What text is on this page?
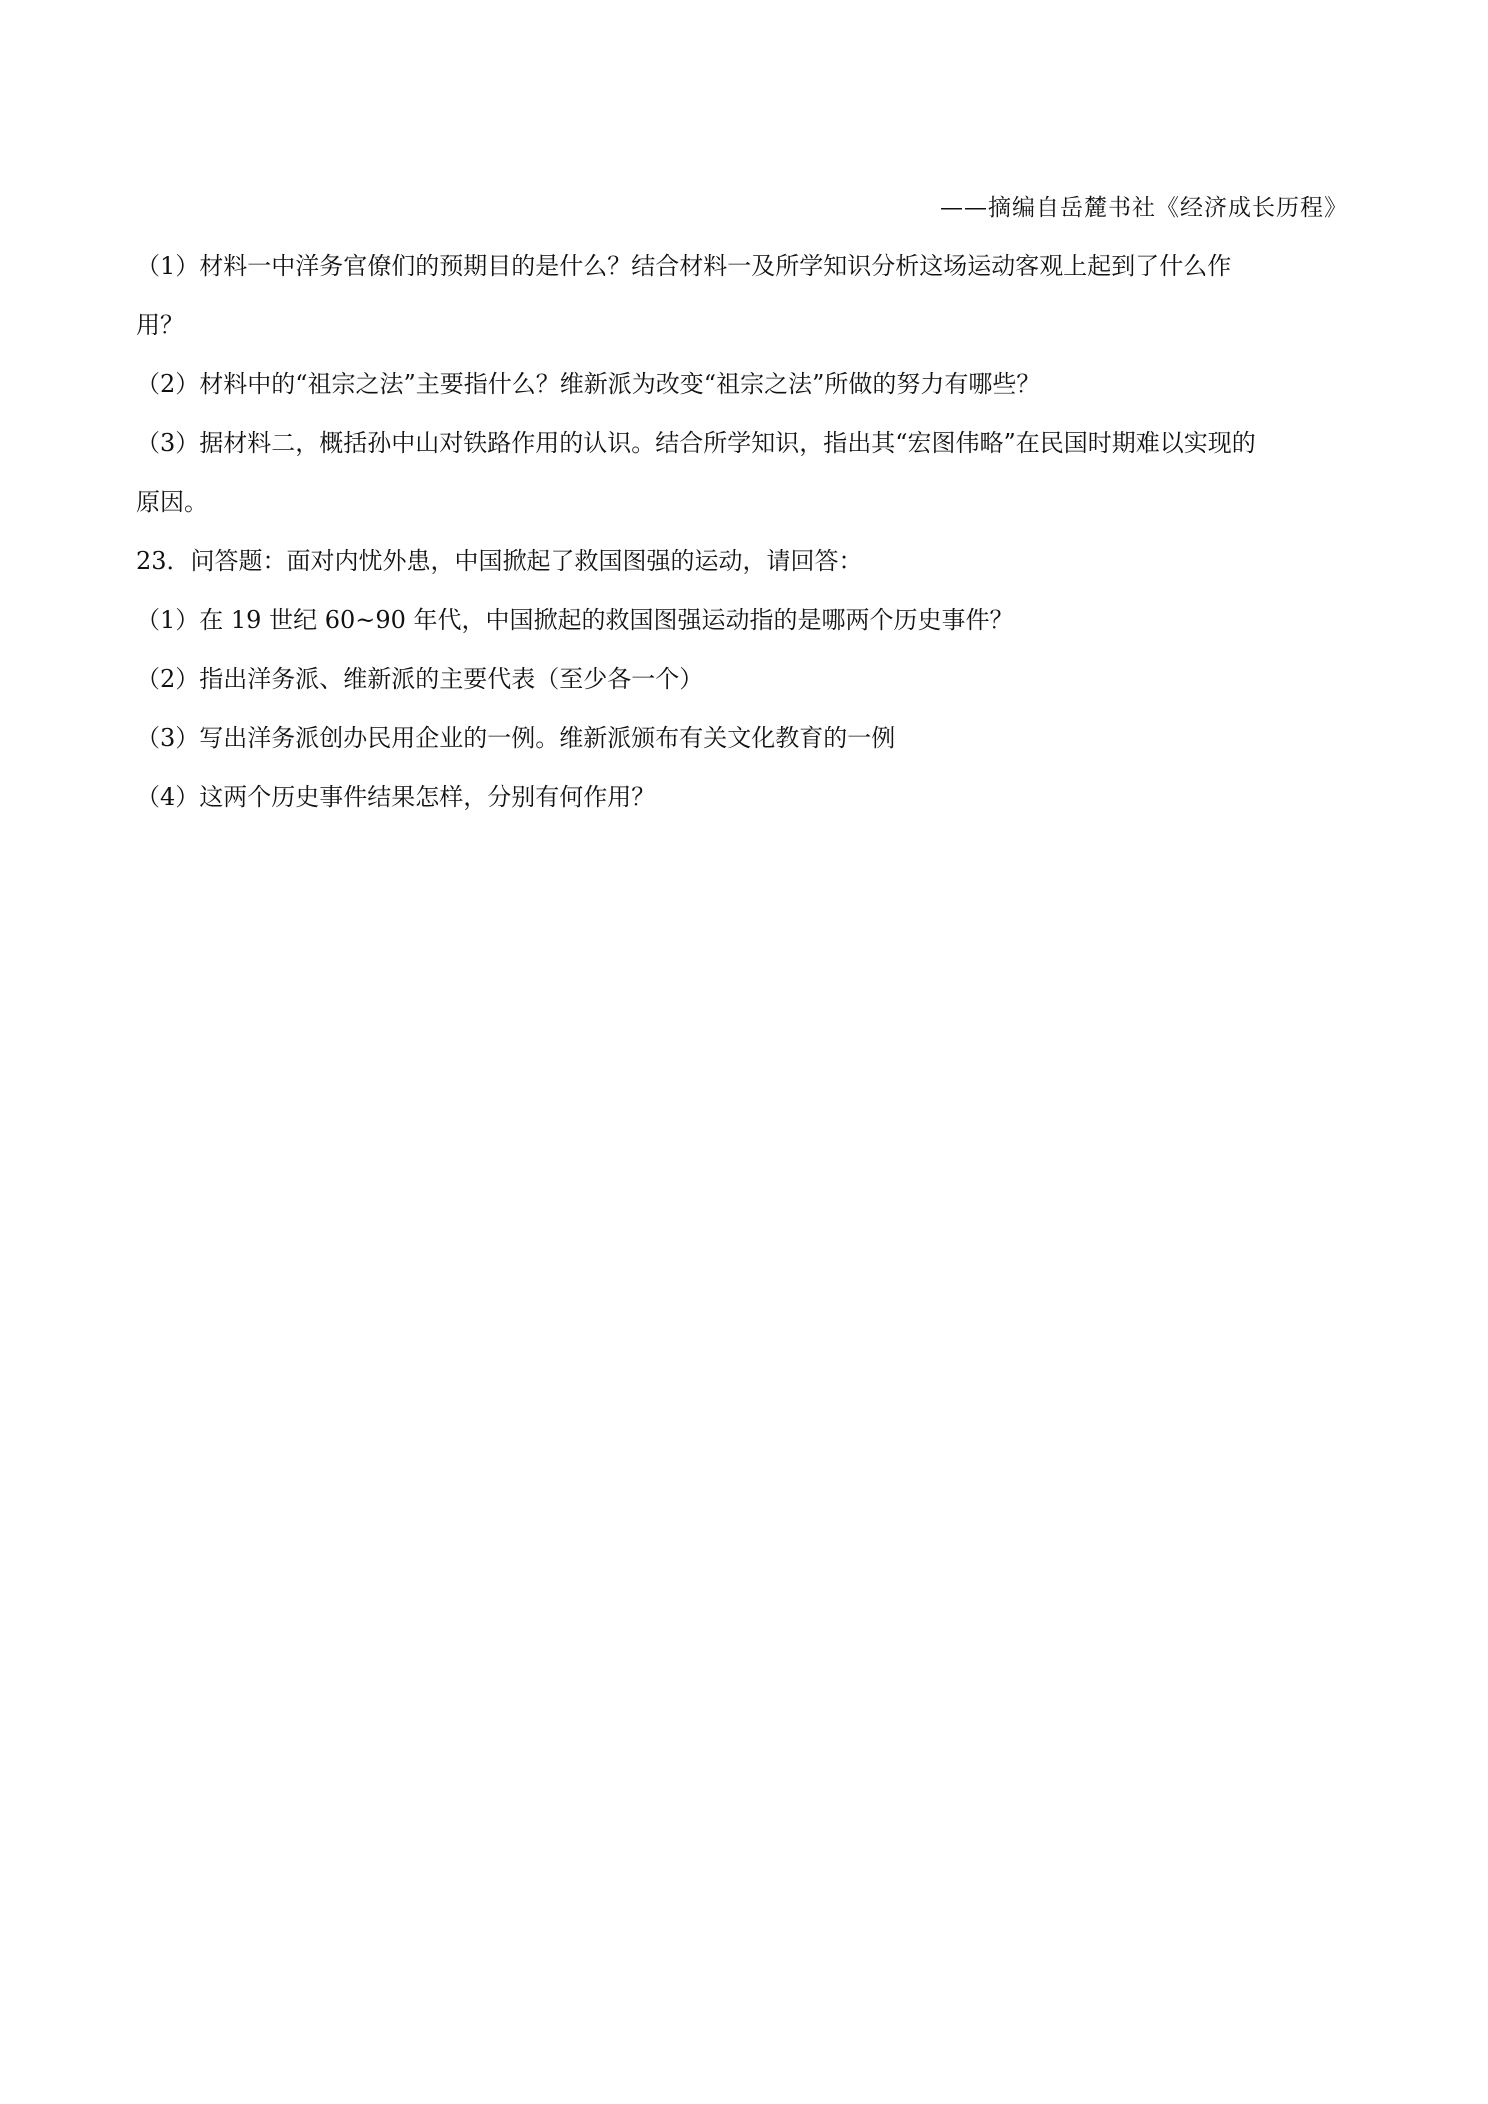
——摘编自岳麓书社《经济成长历程》
（1）材料一中洋务官僚们的预期目的是什么？结合材料一及所学知识分析这场运动客观上起到了什么作
用？
（2）材料中的“祖宗之法”主要指什么？维新派为改变“祖宗之法”所做的努力有哪些？
（3）据材料二，概括孙中山对铁路作用的认识。结合所学知识，指出其“宏图伟略”在民国时期难以实现的
原因。
23．问答题：面对内忧外患，中国掀起了救国图强的运动，请回答：
（1）在 19 世纪 60~90 年代，中国掀起的救国图强运动指的是哪两个历史事件？
（2）指出洋务派、维新派的主要代表（至少各一个）
（3）写出洋务派创办民用企业的一例。维新派颁布有关文化教育的一例
（4）这两个历史事件结果怎样，分别有何作用？
